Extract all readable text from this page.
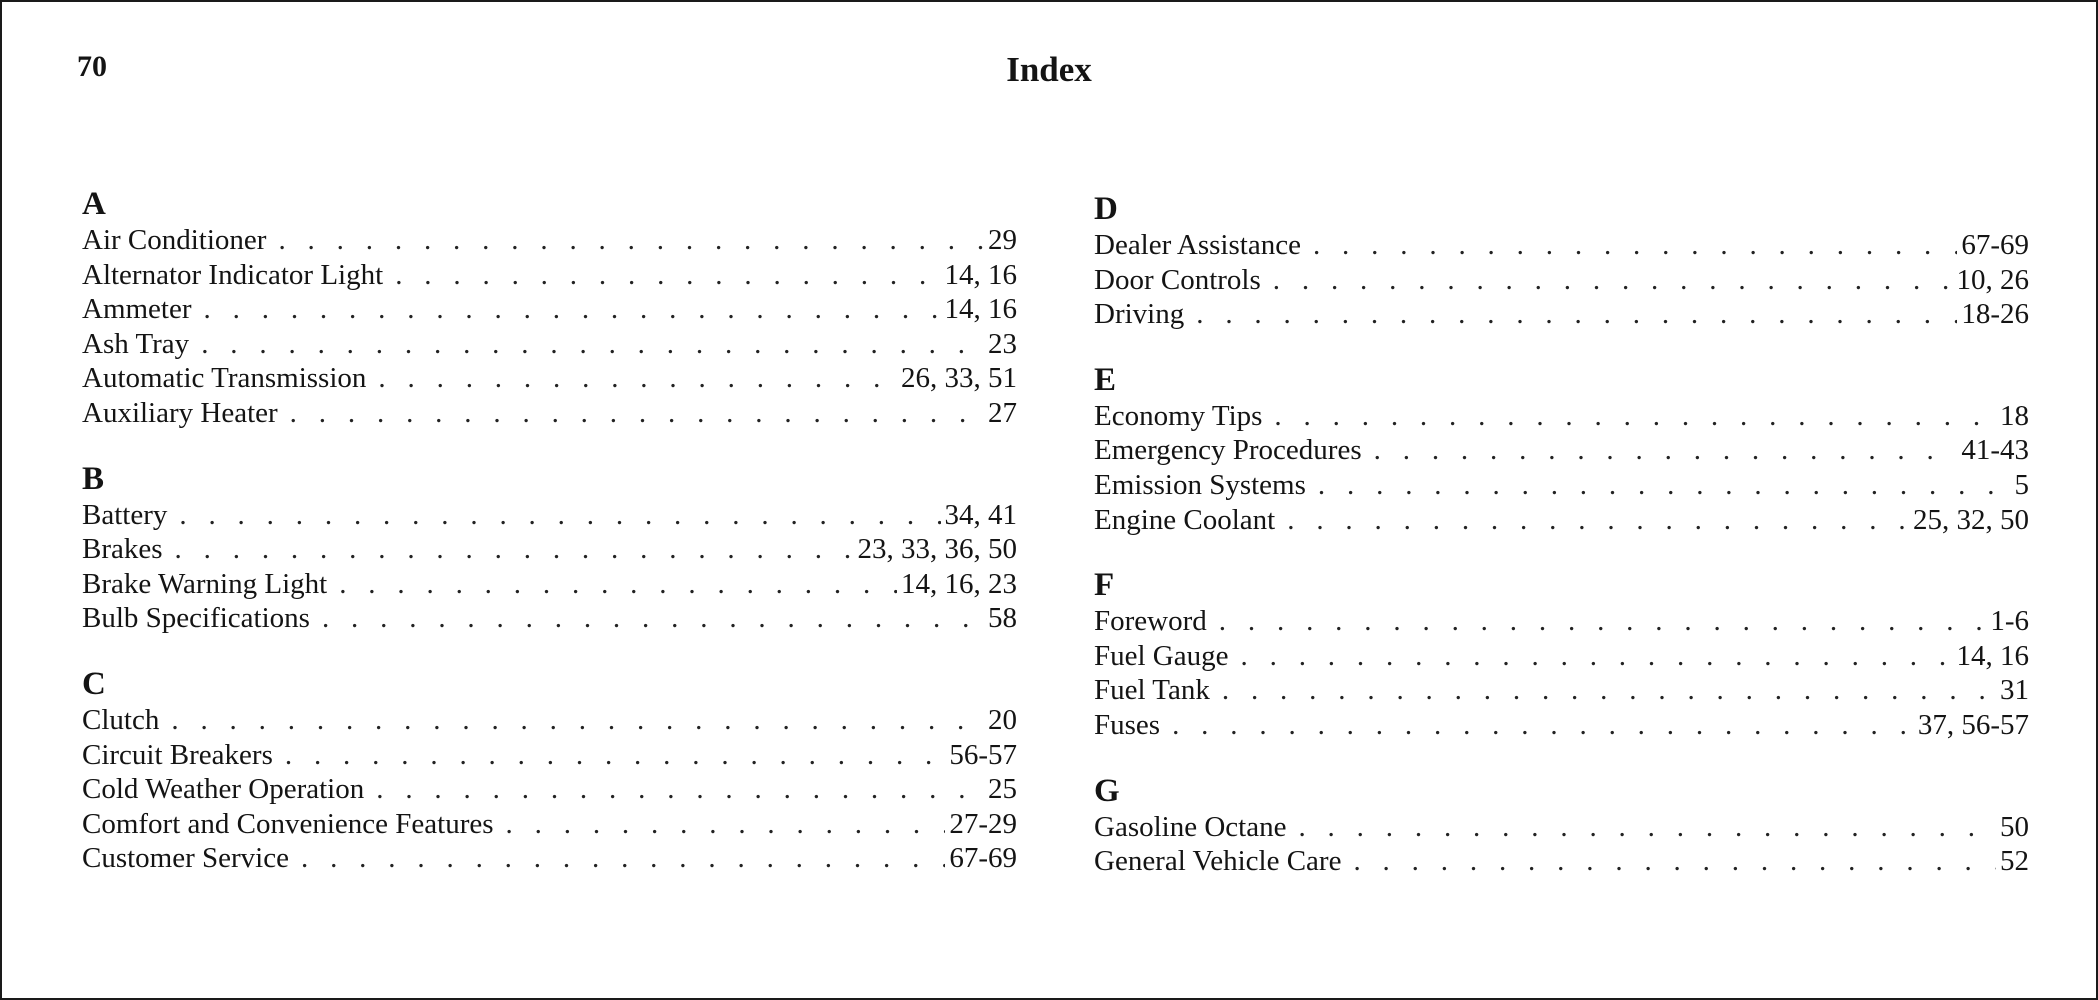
70	Index
A
Air Conditioner . . .	29
Alternator Indicator Light . . .	14, 16
Ammeter . . .	14, 16
Ash Tray . . .	23
Automatic Transmission . . .	26, 33, 51
Auxiliary Heater . . .	27
B
Battery . . .	34, 41
Brakes . . .	23, 33, 36, 50
Brake Warning Light . . .	14, 16, 23
Bulb Specifications . . .	58
C
Clutch . . .	20
Circuit Breakers . . .	56-57
Cold Weather Operation . . .	25
Comfort and Convenience Features . . .	27-29
Customer Service . . .	67-69
D
Dealer Assistance . . .	67-69
Door Controls . . .	10, 26
Driving . . .	18-26
E
Economy Tips . . .	18
Emergency Procedures . . .	41-43
Emission Systems . . .	5
Engine Coolant . . .	25, 32, 50
F
Foreword . . .	1-6
Fuel Gauge . . .	14, 16
Fuel Tank . . .	31
Fuses . . .	37, 56-57
G
Gasoline Octane . . .	50
General Vehicle Care . . .	52
